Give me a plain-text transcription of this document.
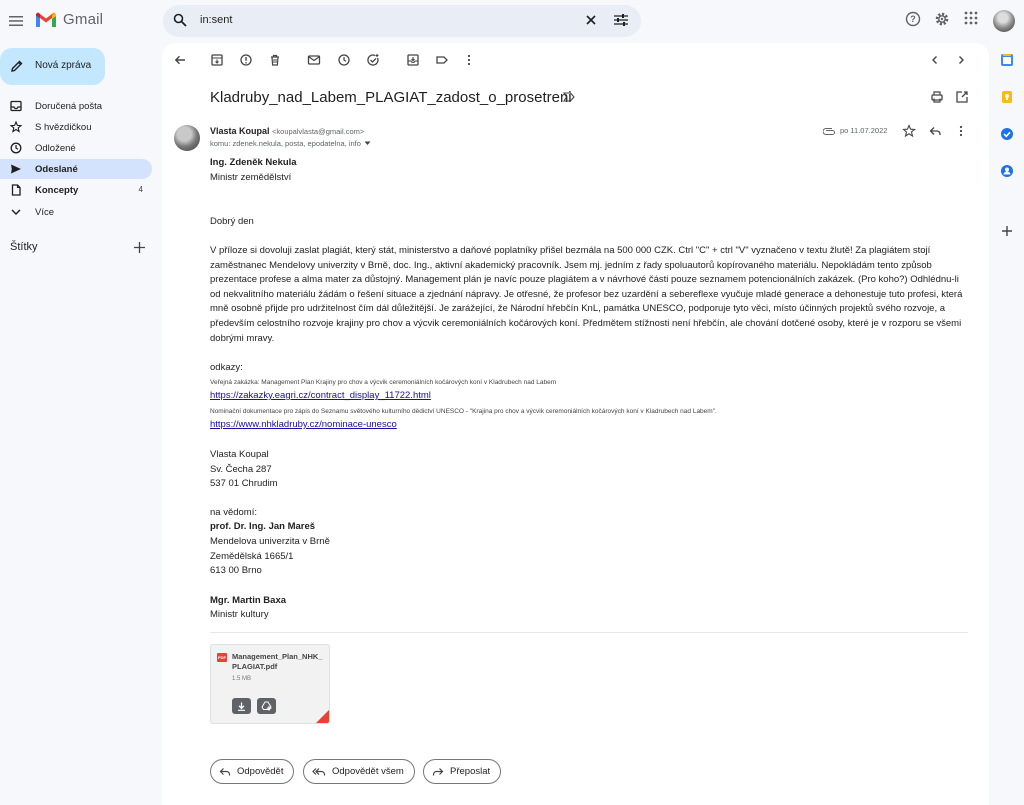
Gmail	in:sent	?
Nová zpráva
Doručená pošta
S hvězdičkou
Odložené
Odeslané
Koncepty	4
Více
Štítky
Kladruby_nad_Labem_PLAGIAT_zadost_o_prosetreni
Vlasta Koupal <koupalvlasta@gmail.com>
komu: zdenek.nekula, posta, epodatelna, info
po 11.07.2022
Ing. Zdeněk Nekula
Ministr zemědělství
Dobrý den

V příloze si dovoluji zaslat plagiát, který stát, ministerstvo a daňové poplatníky přišel bezmála na 500 000 CZK. Ctrl "C" + ctrl "V" vyznačeno v textu žlutě! Za plagiátem stojí zaměstnanec Mendelovy univerzity v Brně, doc. Ing., aktivní akademický pracovník. Jsem mj. jedním z řady spoluautorů kopírovaného materiálu. Nepokládám tento způsob prezentace profese a alma mater za důstojný. Management plán je navíc pouze plagiátem a v návrhové části pouze seznamem potencionálních zakázek. (Pro koho?) Odhlédnu-li od nekvalitního materiálu žádám o řešení situace a zjednání nápravy. Je otřesné, že profesor bez uzardění a sebereflexe vyučuje mladé generace a dehonestuje tuto profesi, která mně osobně přijde pro udržitelnost čím dál důležitější. Je zarážející, že Národní hřebčín KnL, památka UNESCO, podporuje tyto věci, místo účinných projektů svého rozvoje, a především celostního rozvoje krajiny pro chov a výcvik ceremoniálních kočárových koní. Předmětem stížnosti není hřebčín, ale chování dotčené osoby, které je v rozporu se všemi dobrými mravy.

odkazy:
Veřejná zakázka: Management Plan Krajiny pro chov a výcvik ceremoniálních kočárových koní v Kladrubech nad Labem
https://zakazky.eagri.cz/contract_display_11722.html
Nominační dokumentace pro zápis do Seznamu světového kulturního dědictví UNESCO - "Krajina pro chov a výcvik ceremoniálních kočárových koní v Kladrubech nad Labem".
https://www.nhkladruby.cz/nominace-unesco
Vlasta Koupal
Sv. Čecha 287
537 01 Chrudim
na vědomí:
prof. Dr. Ing. Jan Mareš
Mendelova univerzita v Brně
Zemědělská 1665/1
613 00 Brno
Mgr. Martin Baxa
Ministr kultury
PDF Management_Plan_NHK_PLAGIAT.pdf
1.5 MB
Odpovědět	Odpovědět všem	Přeposlat
